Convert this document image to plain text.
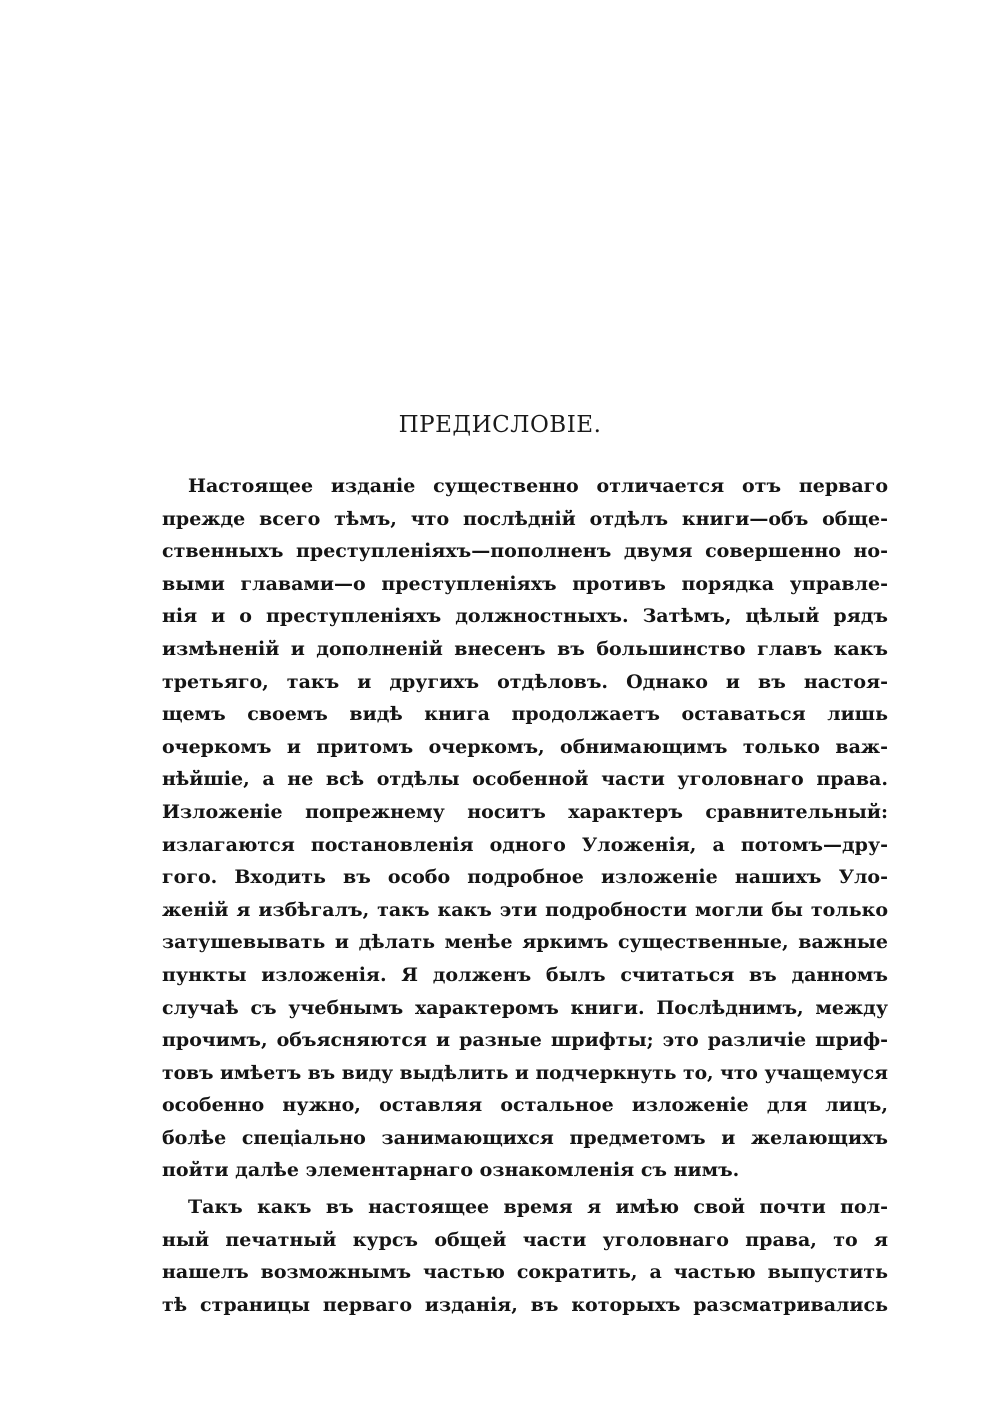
ПРЕДИСЛОВІЕ.
Настоящее изданіе существенно отличается отъ перваго
прежде всего тѣмъ, что послѣдній отдѣлъ книги—объ обще-
ственныхъ преступленіяхъ—пополненъ двумя совершенно но-
выми главами—о преступленіяхъ противъ порядка управле-
нія и о преступленіяхъ должностныхъ. Затѣмъ, цѣлый рядъ
измѣненій и дополненій внесенъ въ большинство главъ какъ
третьяго, такъ и другихъ отдѣловъ. Однако и въ настоя-
щемъ своемъ видѣ книга продолжаетъ оставаться лишь
очеркомъ и притомъ очеркомъ, обнимающимъ только важ-
нѣйшіе, а не всѣ отдѣлы особенной части уголовнаго права.
Изложеніе попрежнему носитъ характеръ сравнительный:
излагаются постановленія одного Уложенія, а потомъ—дру-
гого. Входить въ особо подробное изложеніе нашихъ Уло-
женій я избѣгалъ, такъ какъ эти подробности могли бы только
затушевывать и дѣлать менѣе яркимъ существенные, важные
пункты изложенія. Я долженъ былъ считаться въ данномъ
случаѣ съ учебнымъ характеромъ книги. Послѣднимъ, между
прочимъ, объясняются и разные шрифты; это различіе шриф-
товъ имѣетъ въ виду выдѣлить и подчеркнуть то, что учащемуся
особенно нужно, оставляя остальное изложеніе для лицъ,
болѣе спеціально занимающихся предметомъ и желающихъ
пойти далѣе элементарнаго ознакомленія съ нимъ.
Такъ какъ въ настоящее время я имѣю свой почти пол-
ный печатный курсъ общей части уголовнаго права, то я
нашелъ возможнымъ частью сократить, а частью выпустить
тѣ страницы перваго изданія, въ которыхъ разсматривались
